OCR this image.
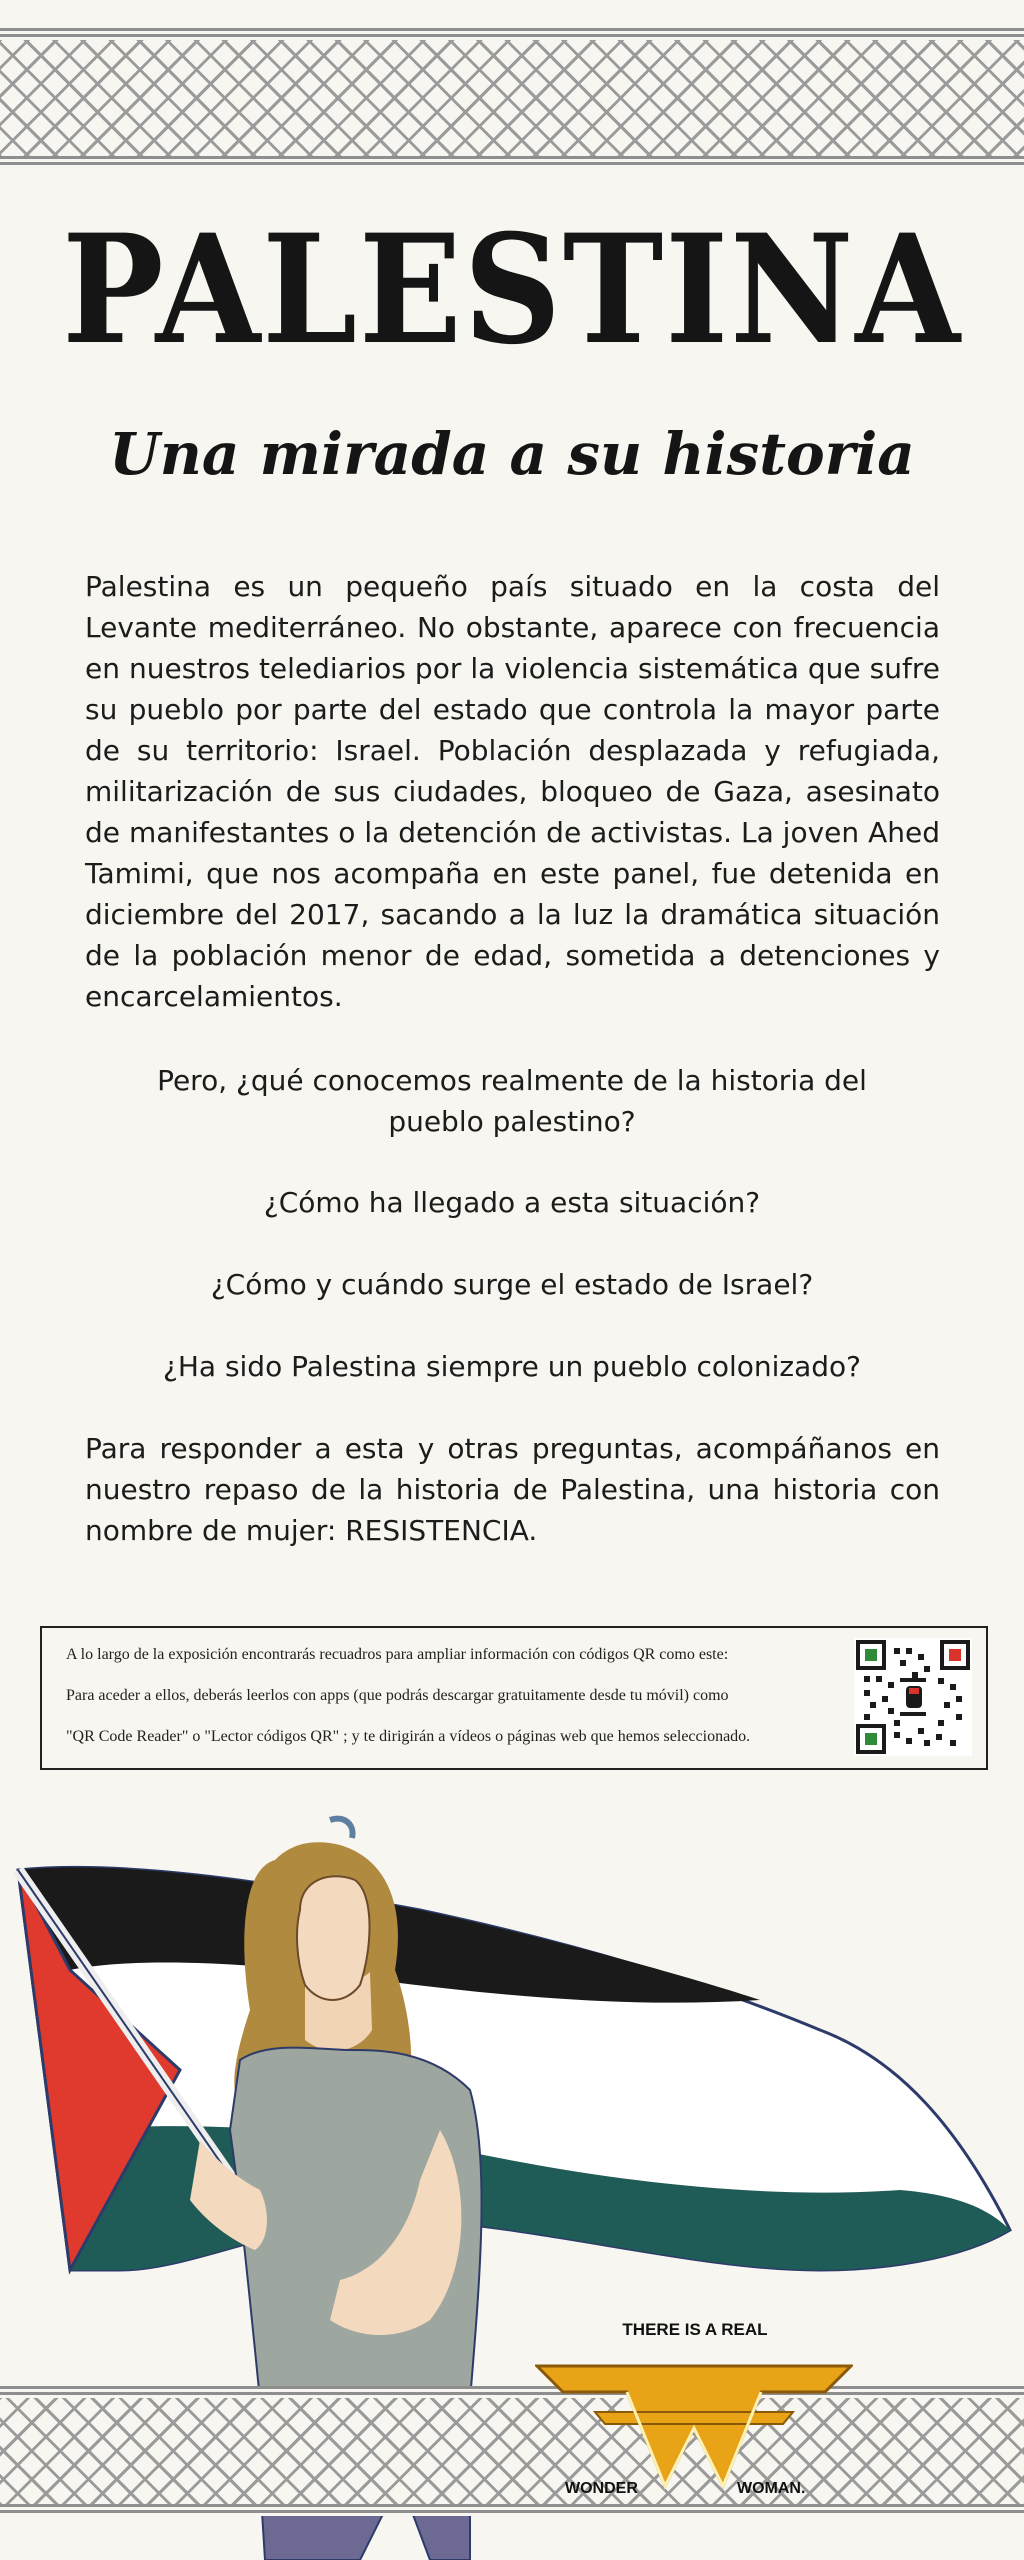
PALESTINA
Una mirada a su historia

Palestina es un pequeño país situado en la costa del Levante mediterráneo. No obstante, aparece con frecuencia en nuestros telediarios por la violencia sistemática que sufre su pueblo por parte del estado que controla la mayor parte de su territorio: Israel. Población desplazada y refugiada, militarización de sus ciudades, bloqueo de Gaza, asesinato de manifestantes o la detención de activistas. La joven Ahed Tamimi, que nos acompaña en este panel, fue detenida en diciembre del 2017, sacando a la luz la dramática situación de la población menor de edad, sometida a detenciones y encarcelamientos.

Pero, ¿qué conocemos realmente de la historia del pueblo palestino?

¿Cómo ha llegado a esta situación?

¿Cómo y cuándo surge el estado de Israel?

¿Ha sido Palestina siempre un pueblo colonizado?

Para responder a esta y otras preguntas, acompáñanos en nuestro repaso de la historia de Palestina, una historia con nombre de mujer: RESISTENCIA.

A lo largo de la exposición encontrarás recuadros para ampliar información con códigos QR como este:

Para aceder a ellos, deberás leerlos con apps (que podrás descargar gratuitamente desde tu móvil) como

"QR Code Reader" o "Lector códigos QR" ; y te dirigirán a vídeos o páginas web que hemos seleccionado.

THERE IS A REAL

WONDER	WOMAN.
